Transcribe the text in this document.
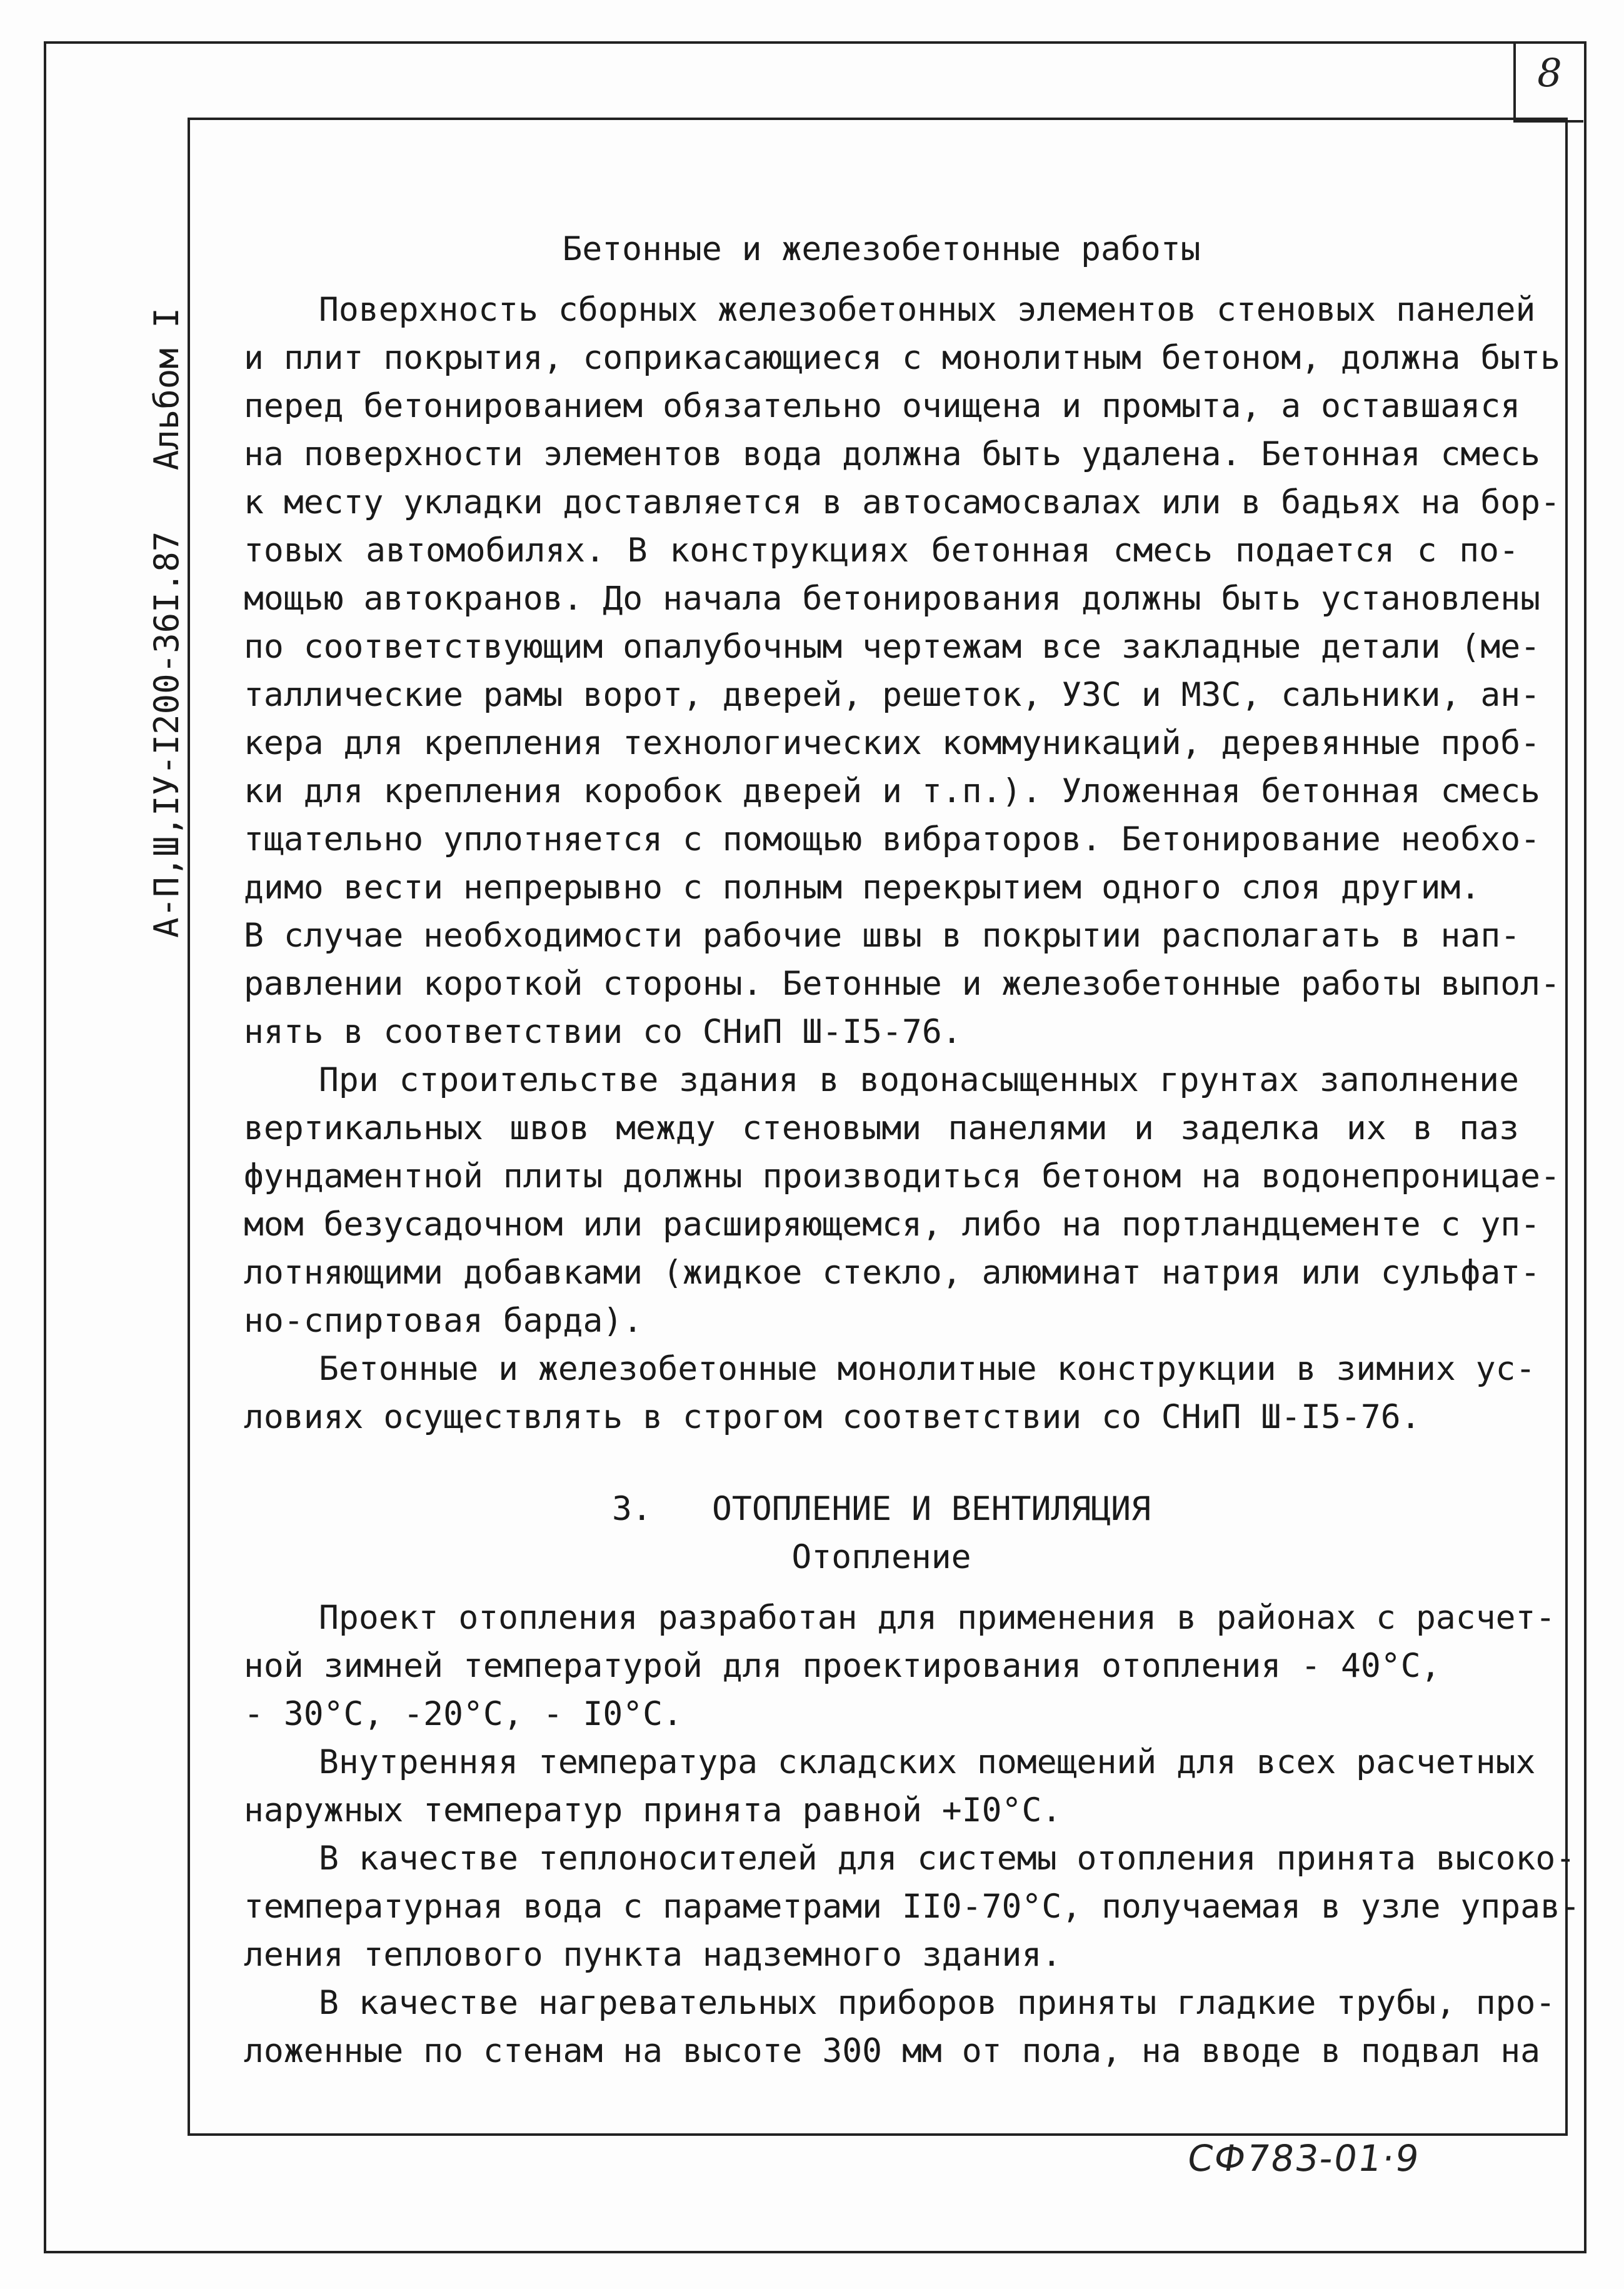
8
А-П,Ш,IУ-I200-36I.87   Альбом I
Бетонные и железобетонные работы
Поверхность сборных железобетонных элементов стеновых панелей
и плит покрытия, соприкасающиеся с монолитным бетоном, должна быть
перед бетонированием обязательно очищена и промыта, а оставшаяся
на поверхности элементов вода должна быть удалена. Бетонная смесь
к месту укладки доставляется в автосамосвалах или в бадьях на бор-
товых автомобилях. В конструкциях бетонная смесь подается с по-
мощью автокранов. До начала бетонирования должны быть установлены
по соответствующим опалубочным чертежам все закладные детали (ме-
таллические рамы ворот, дверей, решеток, УЗС и МЗС, сальники, ан-
кера для крепления технологических коммуникаций, деревянные проб-
ки для крепления коробок дверей и т.п.). Уложенная бетонная смесь
тщательно уплотняется с помощью вибраторов. Бетонирование необхо-
димо вести непрерывно с полным перекрытием одного слоя другим.
В случае необходимости рабочие швы в покрытии располагать в нап-
равлении короткой стороны. Бетонные и железобетонные работы выпол-
нять в соответствии со СНиП Ш-I5-76.
При строительстве здания в водонасыщенных грунтах заполнение
вертикальных швов между стеновыми панелями и заделка их в паз
фундаментной плиты должны производиться бетоном на водонепроницае-
мом безусадочном или расширяющемся, либо на портландцементе с уп-
лотняющими добавками (жидкое стекло, алюминат натрия или сульфат-
но-спиртовая барда).
Бетонные и железобетонные монолитные конструкции в зимних ус-
ловиях осуществлять в строгом соответствии со СНиП Ш-I5-76.
3. ОТОПЛЕНИЕ И ВЕНТИЛЯЦИЯ
Отопление
Проект отопления разработан для применения в районах с расчет-
ной зимней температурой для проектирования отопления - 40°С,
- 30°С, -20°С, - I0°С.
Внутренняя температура складских помещений для всех расчетных
наружных температур принята равной +I0°С.
В качестве теплоносителей для системы отопления принята высоко-
температурная вода с параметрами II0-70°С, получаемая в узле управ-
ления теплового пункта надземного здания.
В качестве нагревательных приборов приняты гладкие трубы, про-
ложенные по стенам на высоте 300 мм от пола, на вводе в подвал на
СФ783-01·9
